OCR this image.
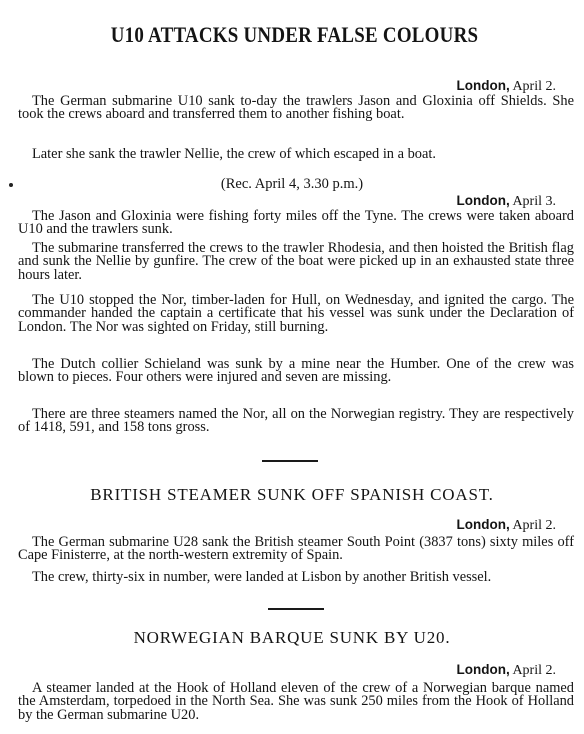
U10 ATTACKS UNDER FALSE COLOURS
London, April 2.
The German submarine U10 sank to-day the trawlers Jason and Gloxinia off Shields. She took the crews aboard and transferred them to another fishing boat.
Later she sank the trawler Nellie, the crew of which escaped in a boat.
(Rec. April 4, 3.30 p.m.)
London, April 3.
The Jason and Gloxinia were fishing forty miles off the Tyne. The crews were taken aboard U10 and the trawlers sunk.
The submarine transferred the crews to the trawler Rhodesia, and then hoisted the British flag and sunk the Nellie by gunfire. The crew of the boat were picked up in an exhausted state three hours later.
The U10 stopped the Nor, timber-laden for Hull, on Wednesday, and ignited the cargo. The commander handed the captain a certificate that his vessel was sunk under the Declaration of London. The Nor was sighted on Friday, still burning.
The Dutch collier Schieland was sunk by a mine near the Humber. One of the crew was blown to pieces. Four others were injured and seven are missing.
There are three steamers named the Nor, all on the Norwegian registry. They are respectively of 1418, 591, and 158 tons gross.
BRITISH STEAMER SUNK OFF SPANISH COAST.
London, April 2.
The German submarine U28 sank the British steamer South Point (3837 tons) sixty miles off Cape Finisterre, at the north-western extremity of Spain.
The crew, thirty-six in number, were landed at Lisbon by another British vessel.
NORWEGIAN BARQUE SUNK BY U20.
London, April 2.
A steamer landed at the Hook of Holland eleven of the crew of a Norwegian barque named the Amsterdam, torpedoed in the North Sea. She was sunk 250 miles from the Hook of Holland by the German submarine U20.
